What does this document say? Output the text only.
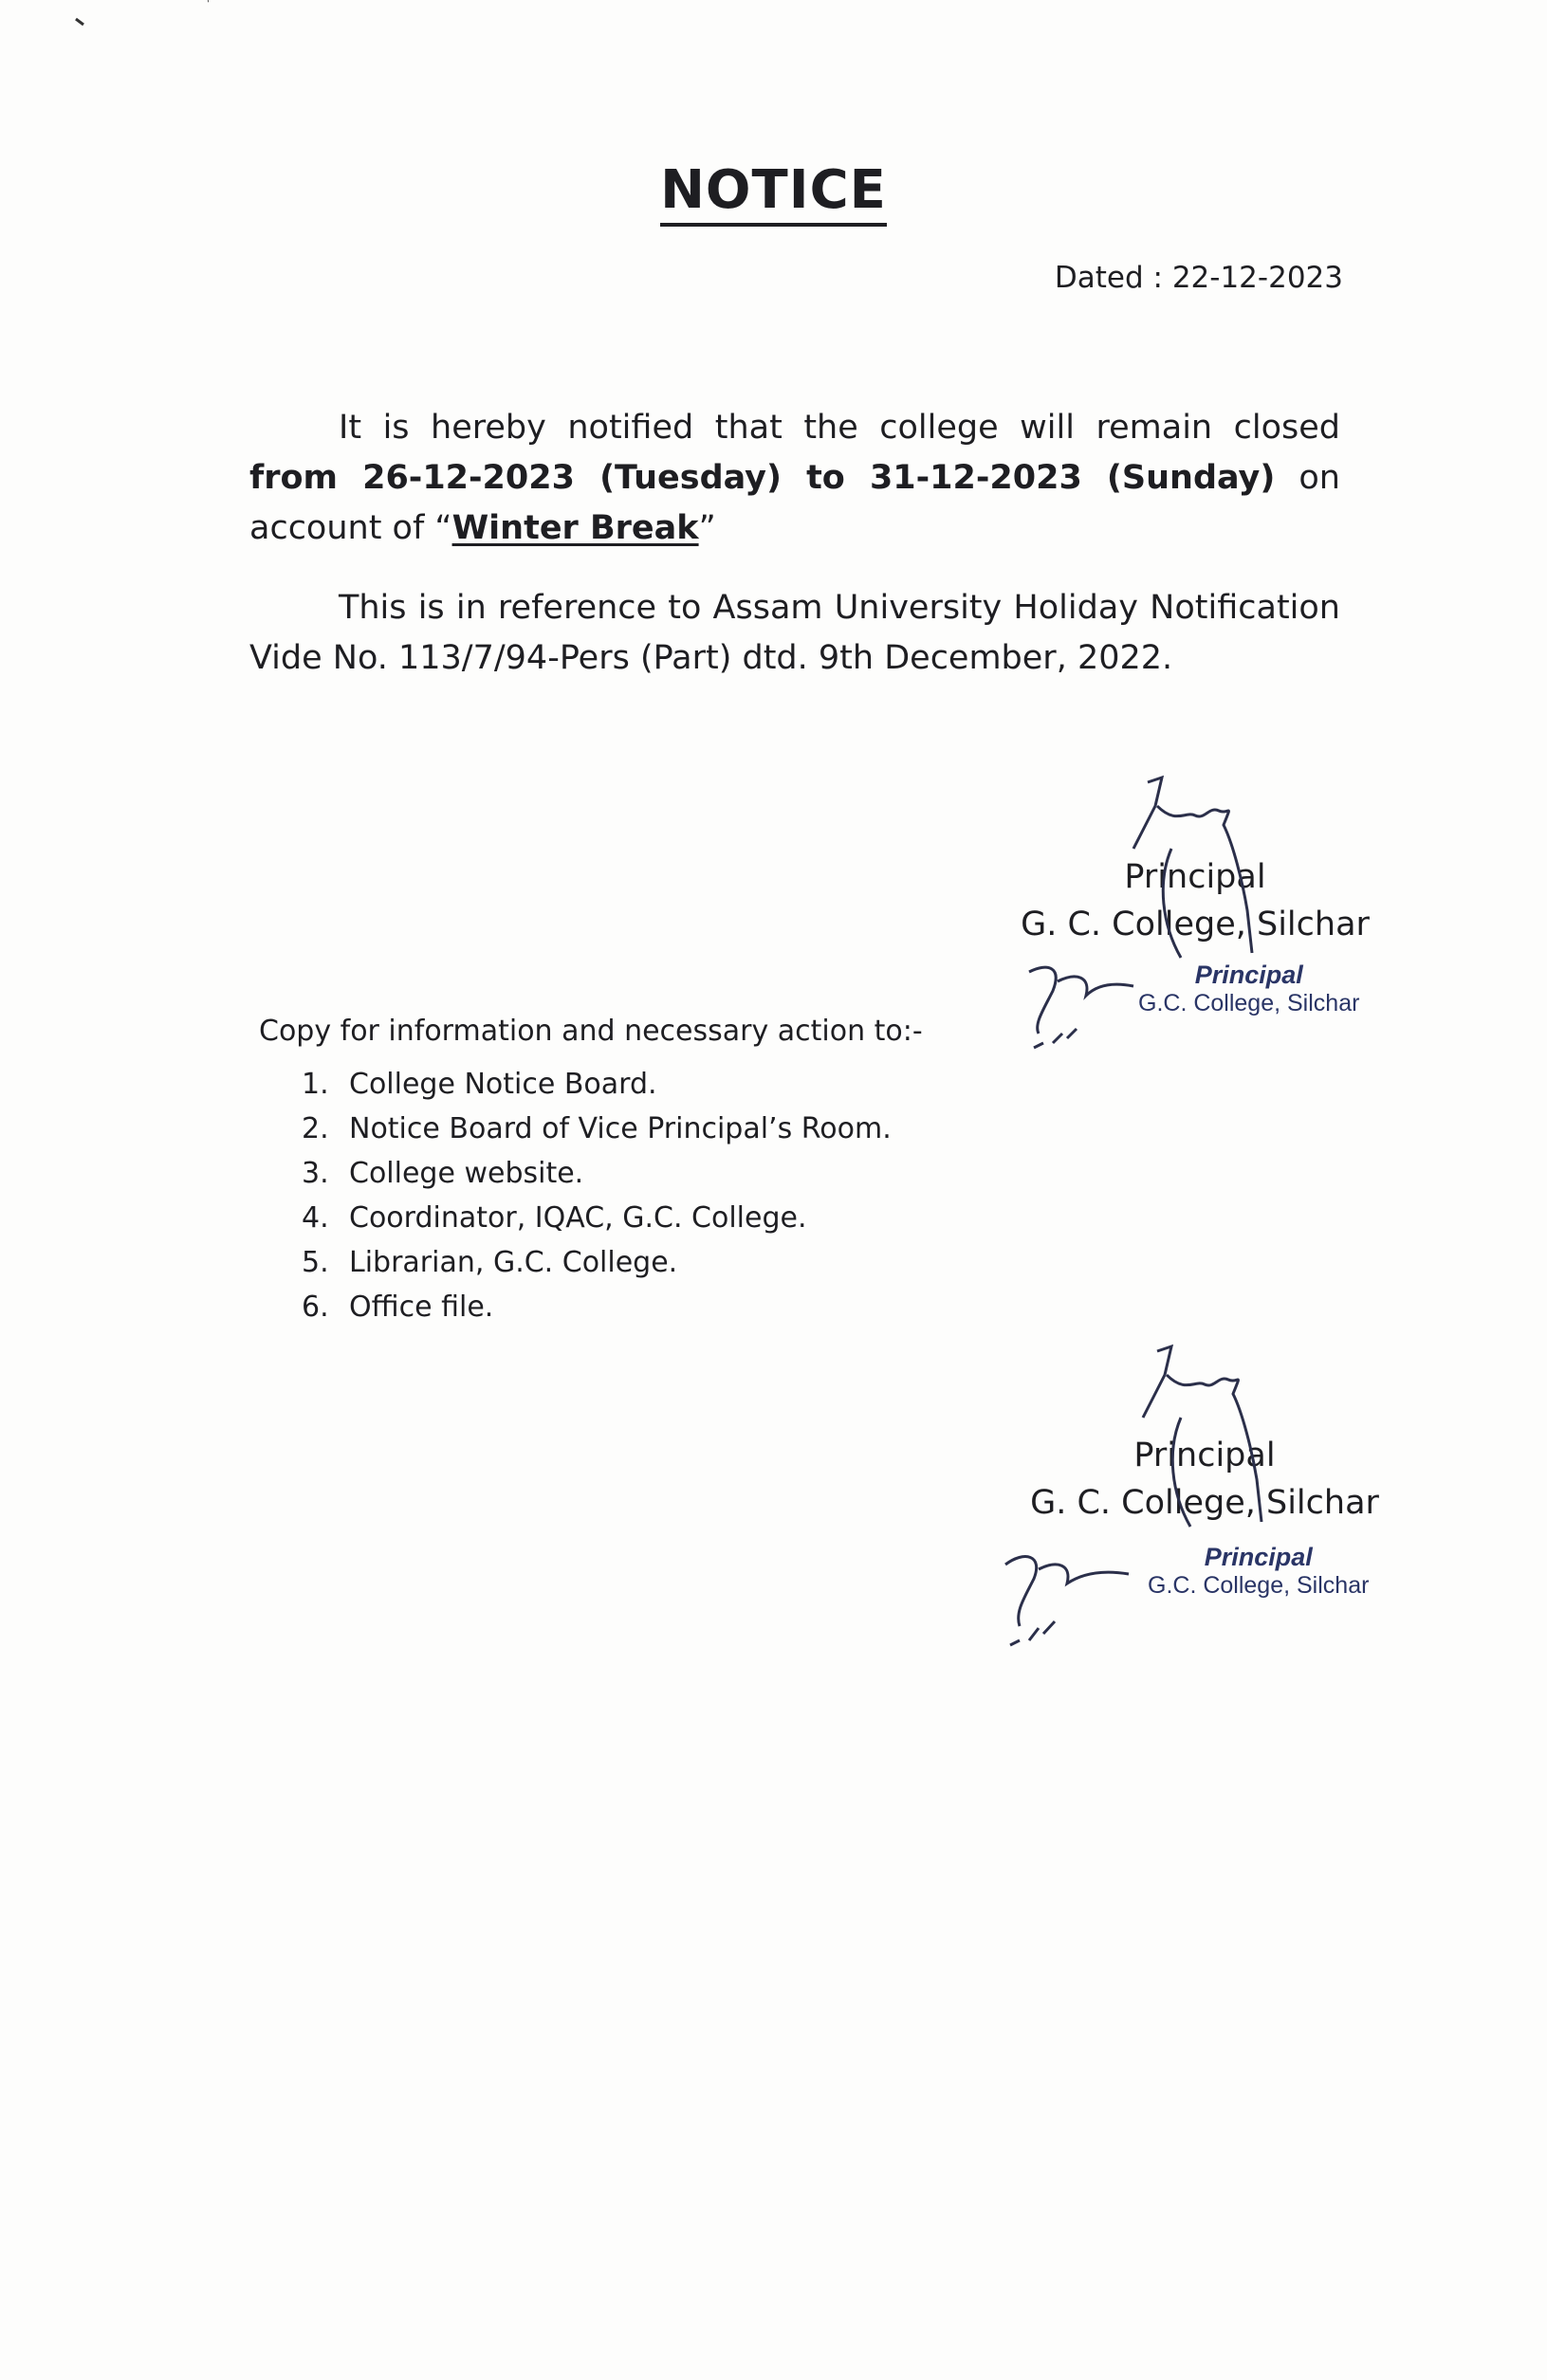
NOTICE
Dated : 22-12-2023

It is hereby notified that the college will remain closed from 26-12-2023 (Tuesday) to 31-12-2023 (Sunday) on account of “Winter Break”

This is in reference to Assam University Holiday Notification Vide No. 113/7/94-Pers (Part) dtd. 9th December, 2022.

Principal
G. C. College, Silchar
Principal
G.C. College, Silchar
Copy for information and necessary action to:-
1. College Notice Board.
2. Notice Board of Vice Principal’s Room.
3. College website.
4. Coordinator, IQAC, G.C. College.
5. Librarian, G.C. College.
6. Office file.
Principal
G. C. College, Silchar
Principal
G.C. College, Silchar
